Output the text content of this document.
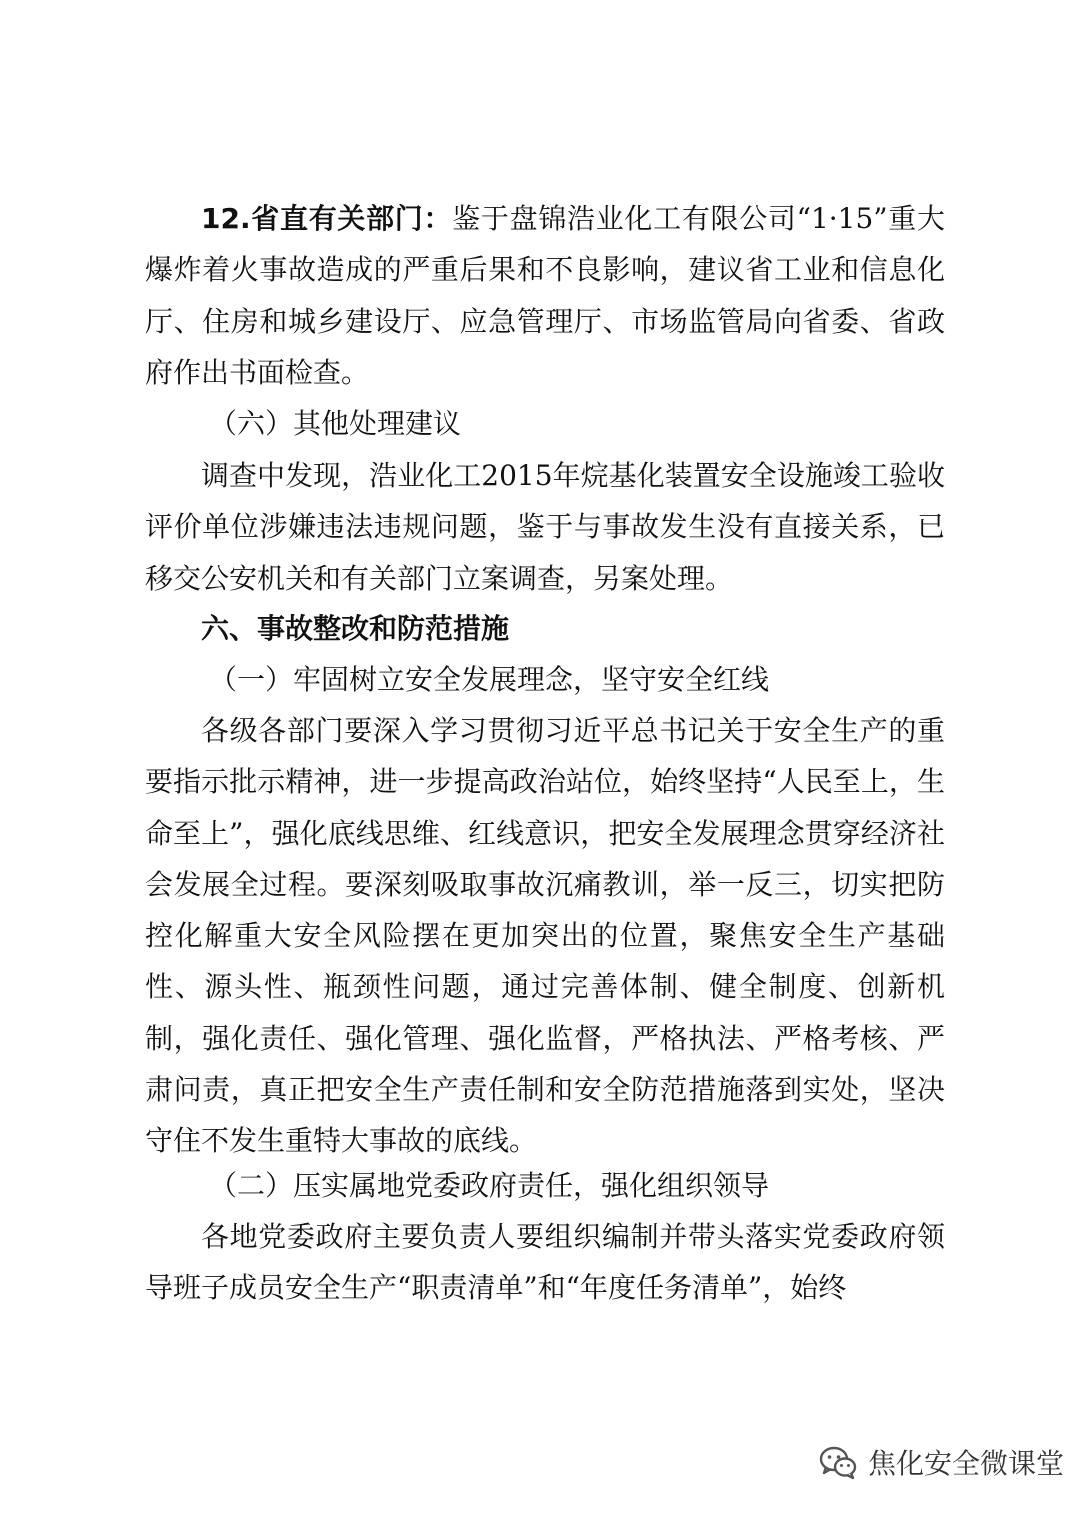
12.省直有关部门：鉴于盘锦浩业化工有限公司“1·15”重大爆炸着火事故造成的严重后果和不良影响，建议省工业和信息化厅、住房和城乡建设厅、应急管理厅、市场监管局向省委、省政府作出书面检查。

（六）其他处理建议

调查中发现，浩业化工2015年烷基化装置安全设施竣工验收评价单位涉嫌违法违规问题，鉴于与事故发生没有直接关系，已移交公安机关和有关部门立案调查，另案处理。

六、事故整改和防范措施

（一）牢固树立安全发展理念，坚守安全红线

各级各部门要深入学习贯彻习近平总书记关于安全生产的重要指示批示精神，进一步提高政治站位，始终坚持“人民至上，生命至上”，强化底线思维、红线意识，把安全发展理念贯穿经济社会发展全过程。要深刻吸取事故沉痛教训，举一反三，切实把防控化解重大安全风险摆在更加突出的位置，聚焦安全生产基础性、源头性、瓶颈性问题，通过完善体制、健全制度、创新机制，强化责任、强化管理、强化监督，严格执法、严格考核、严肃问责，真正把安全生产责任制和安全防范措施落到实处，坚决守住不发生重特大事故的底线。

（二）压实属地党委政府责任，强化组织领导

各地党委政府主要负责人要组织编制并带头落实党委政府领导班子成员安全生产“职责清单”和“年度任务清单”，始终

焦化安全微课堂
